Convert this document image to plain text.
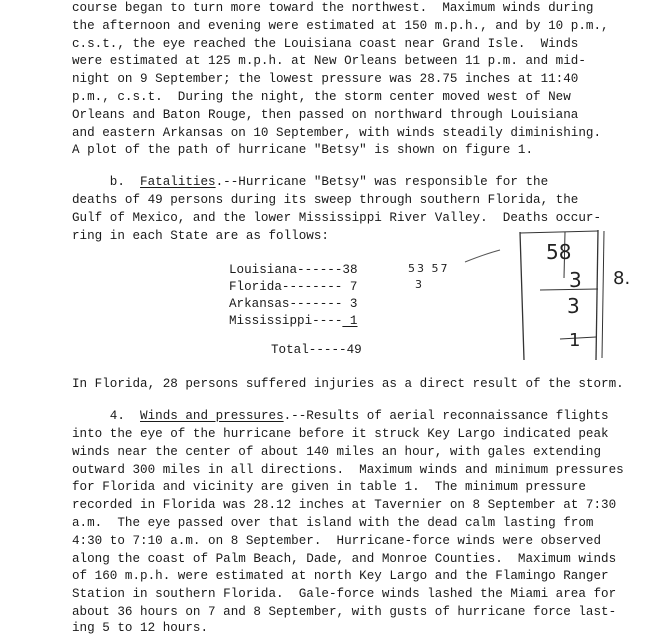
course began to turn more toward the northwest.  Maximum winds during
the afternoon and evening were estimated at 150 m.p.h., and by 10 p.m.,
c.s.t., the eye reached the Louisiana coast near Grand Isle.  Winds
were estimated at 125 m.p.h. at New Orleans between 11 p.m. and mid-
night on 9 September; the lowest pressure was 28.75 inches at 11:40
p.m., c.s.t.  During the night, the storm center moved west of New
Orleans and Baton Rouge, then passed on northward through Louisiana
and eastern Arkansas on 10 September, with winds steadily diminishing.
A plot of the path of hurricane "Betsy" is shown on figure 1.
b.  Fatalities.--Hurricane "Betsy" was responsible for the
deaths of 49 persons during its sweep through southern Florida, the
Gulf of Mexico, and the lower Mississippi River Valley.  Deaths occur-
ring in each State are as follows:
Louisiana------38
Florida-------- 7
Arkansas------- 3
Mississippi---- 1
Total-----49
53 57
3
58
3
3
1
8.
In Florida, 28 persons suffered injuries as a direct result of the storm.
4.  Winds and pressures.--Results of aerial reconnaissance flights
into the eye of the hurricane before it struck Key Largo indicated peak
winds near the center of about 140 miles an hour, with gales extending
outward 300 miles in all directions.  Maximum winds and minimum pressures
for Florida and vicinity are given in table 1.  The minimum pressure
recorded in Florida was 28.12 inches at Tavernier on 8 September at 7:30
a.m.  The eye passed over that island with the dead calm lasting from
4:30 to 7:10 a.m. on 8 September.  Hurricane-force winds were observed
along the coast of Palm Beach, Dade, and Monroe Counties.  Maximum winds
of 160 m.p.h. were estimated at north Key Largo and the Flamingo Ranger
Station in southern Florida.  Gale-force winds lashed the Miami area for
about 36 hours on 7 and 8 September, with gusts of hurricane force last-
ing 5 to 12 hours.
